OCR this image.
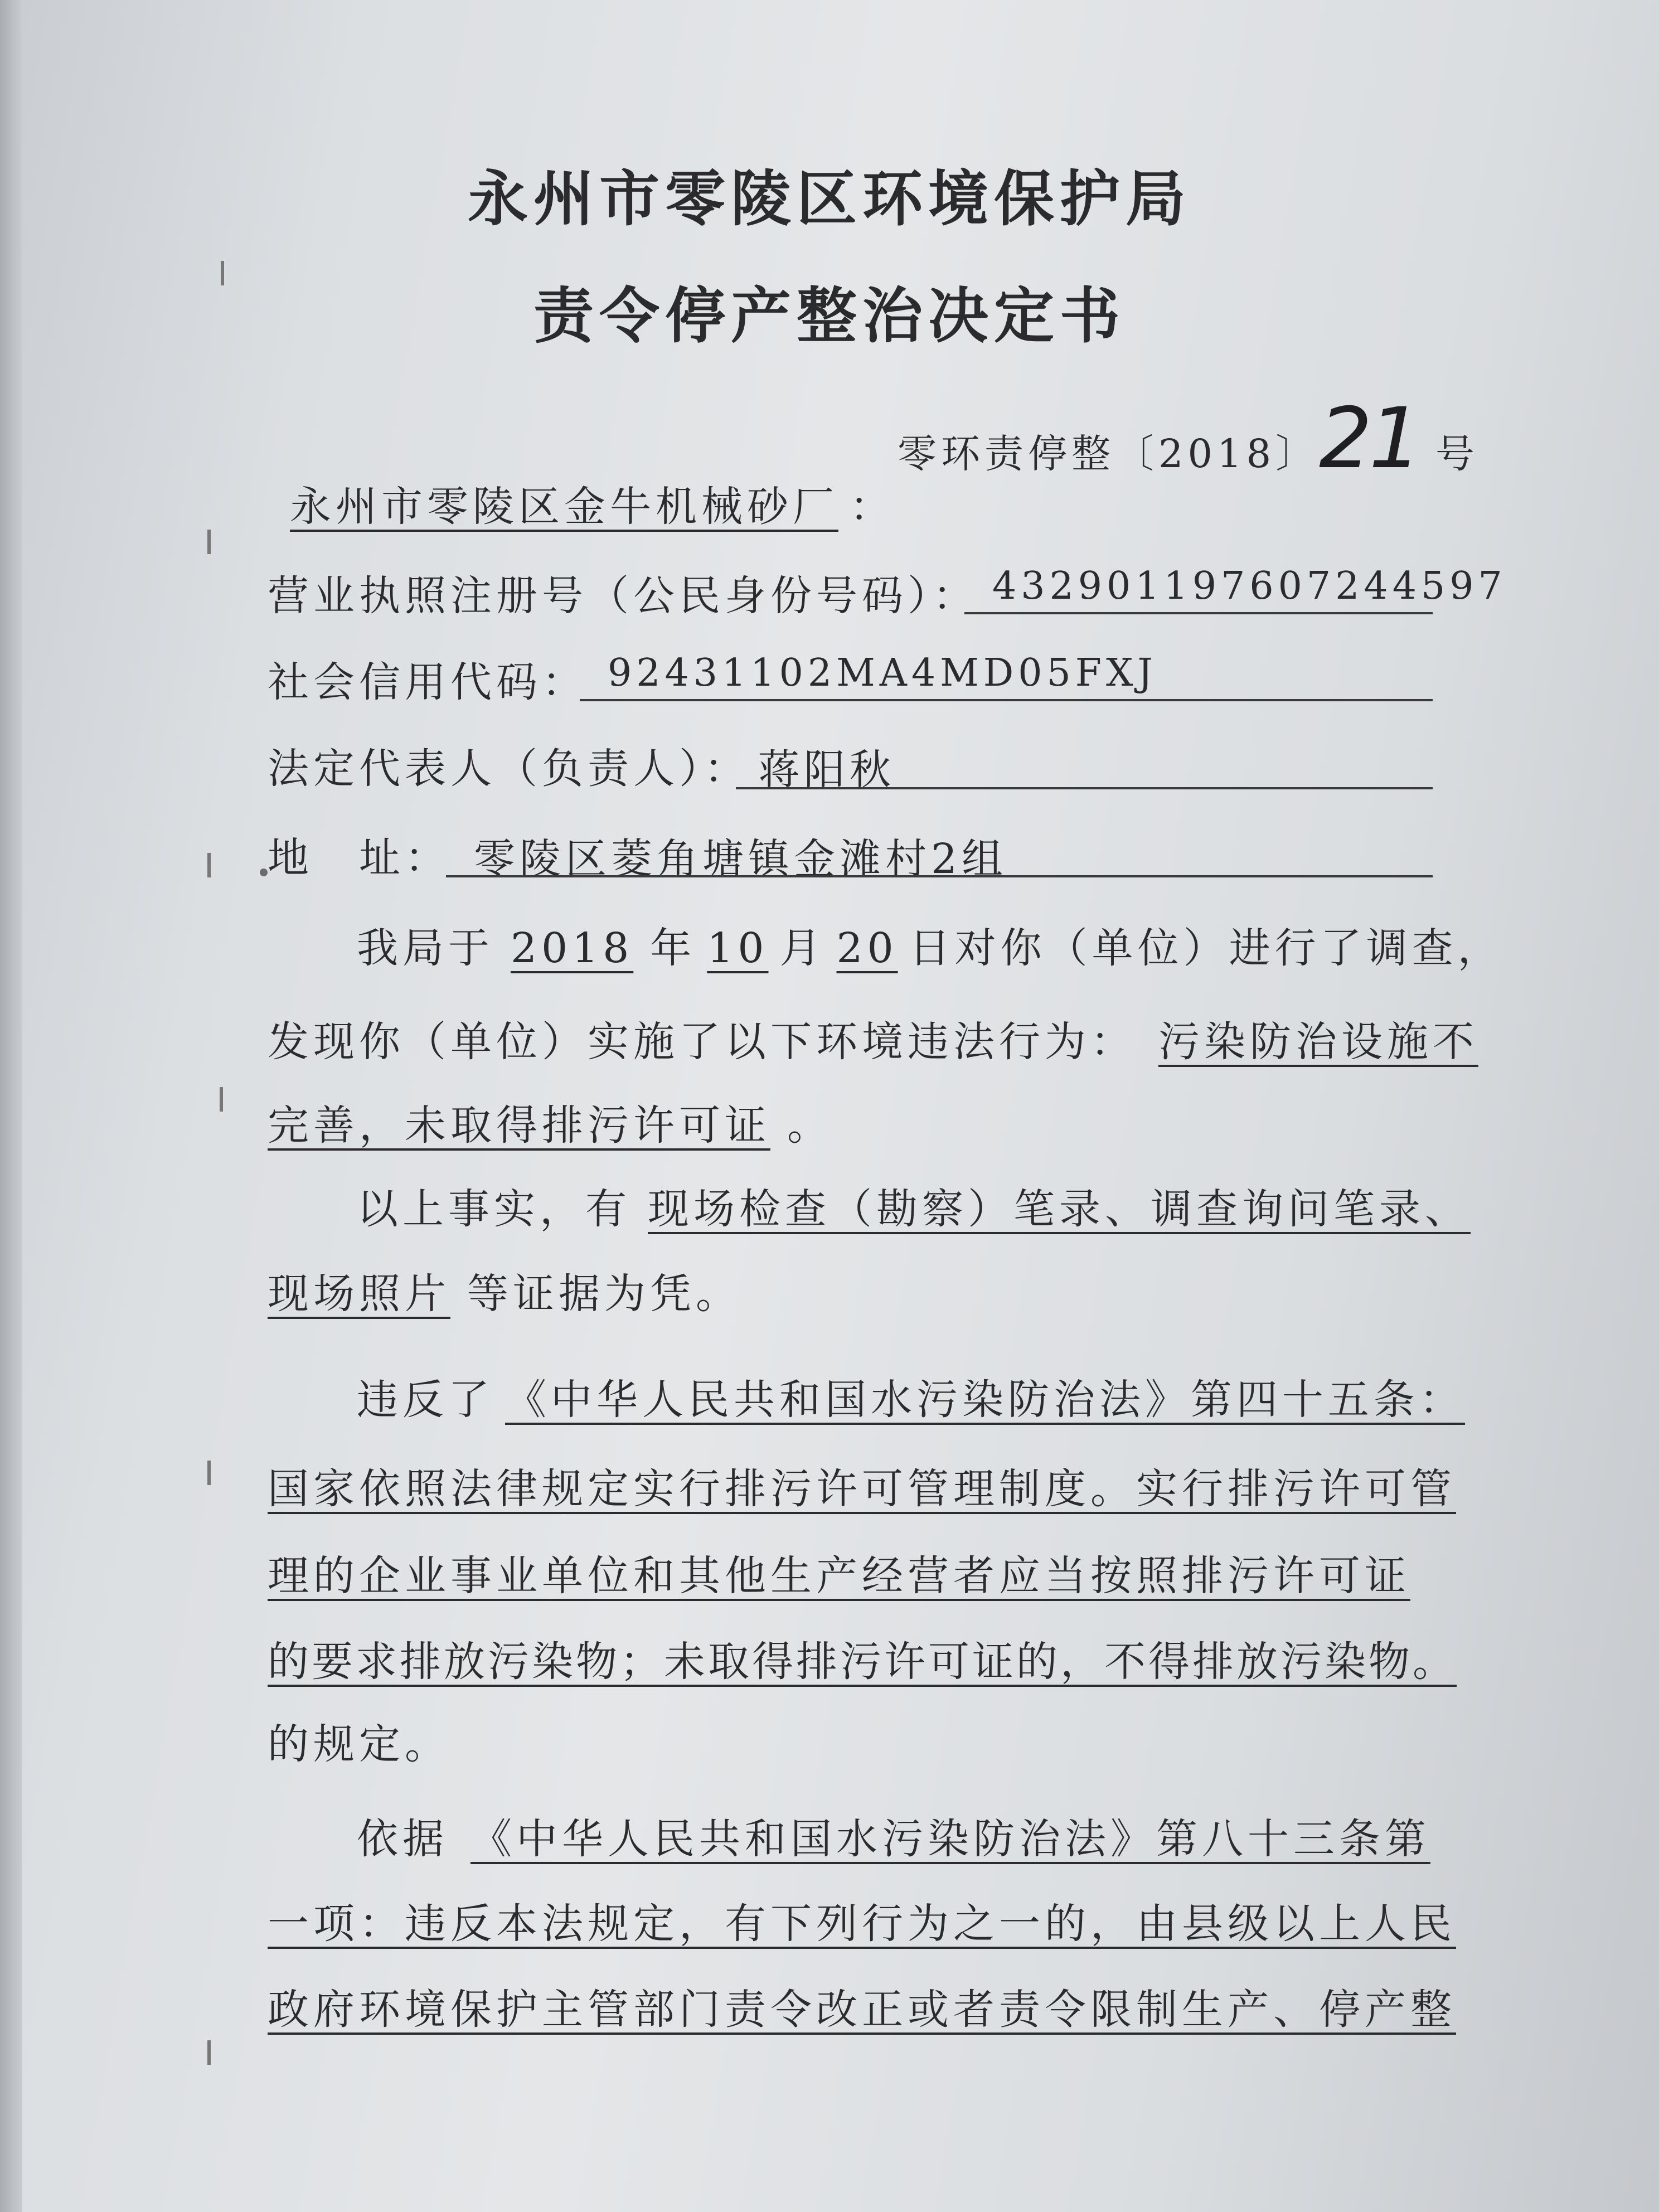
永州市零陵区环境保护局
责令停产整治决定书
零环责停整〔2018〕21 号
永州市零陵区金牛机械砂厂 ：
营业执照注册号（公民身份号码）： 432901197607244597
社会信用代码： 92431102MA4MD05FXJ
法定代表人（负责人）： 蒋阳秋
地　址： 零陵区菱角塘镇金滩村2组
我局于 2018 年 10 月 20 日对你（单位）进行了调查，
发现你（单位）实施了以下环境违法行为： 污染防治设施不
完善，未取得排污许可证 。
以上事实，有 现场检查（勘察）笔录、调查询问笔录、
现场照片 等证据为凭。
违反了 《中华人民共和国水污染防治法》第四十五条：
国家依照法律规定实行排污许可管理制度。实行排污许可管
理的企业事业单位和其他生产经营者应当按照排污许可证
的要求排放污染物；未取得排污许可证的，不得排放污染物。
的规定。
依据 《中华人民共和国水污染防治法》第八十三条第
一项：违反本法规定，有下列行为之一的，由县级以上人民
政府环境保护主管部门责令改正或者责令限制生产、停产整
